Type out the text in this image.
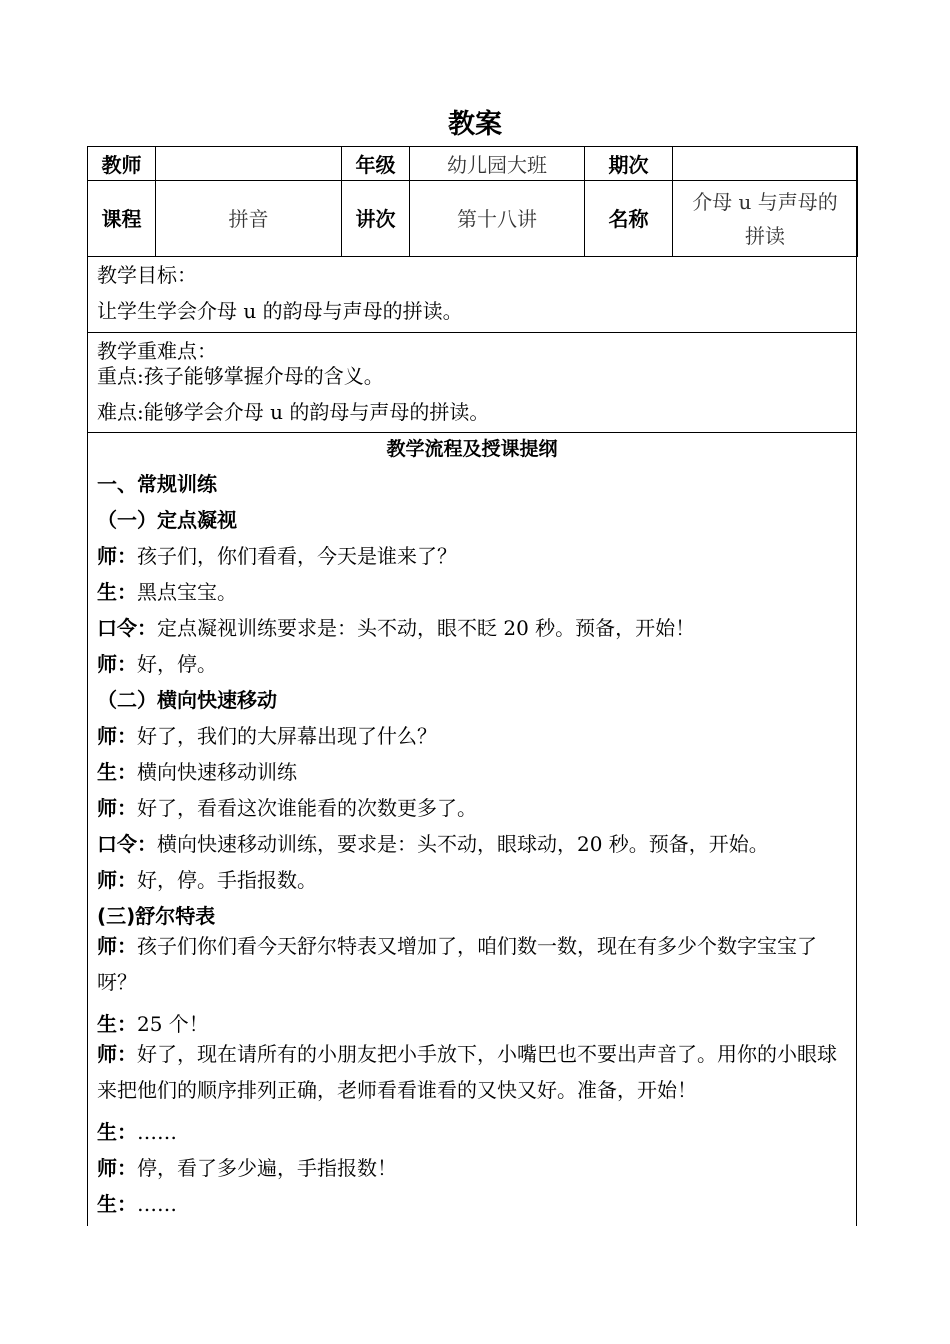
教案
教师		年级	幼儿园大班	期次	
课程	拼音	讲次	第十八讲	名称	介母 u 与声母的
拼读
教学目标：
让学生学会介母 u 的韵母与声母的拼读。
教学重难点：
重点:孩子能够掌握介母的含义。
难点:能够学会介母 u 的韵母与声母的拼读。
教学流程及授课提纲
一、常规训练
（一）定点凝视
师：孩子们，你们看看，今天是谁来了？
生：黑点宝宝。
口令：定点凝视训练要求是：头不动，眼不眨 20 秒。预备，开始！
师：好，停。
（二）横向快速移动
师：好了，我们的大屏幕出现了什么？
生：横向快速移动训练
师：好了，看看这次谁能看的次数更多了。
口令：横向快速移动训练，要求是：头不动，眼球动，20 秒。预备，开始。
师：好，停。手指报数。
(三)舒尔特表
师：孩子们你们看今天舒尔特表又增加了，咱们数一数，现在有多少个数字宝宝了呀？
生：25 个！
师：好了，现在请所有的小朋友把小手放下，小嘴巴也不要出声音了。用你的小眼球来把他们的顺序排列正确，老师看看谁看的又快又好。准备，开始！
生：……
师：停，看了多少遍，手指报数！
生：……
